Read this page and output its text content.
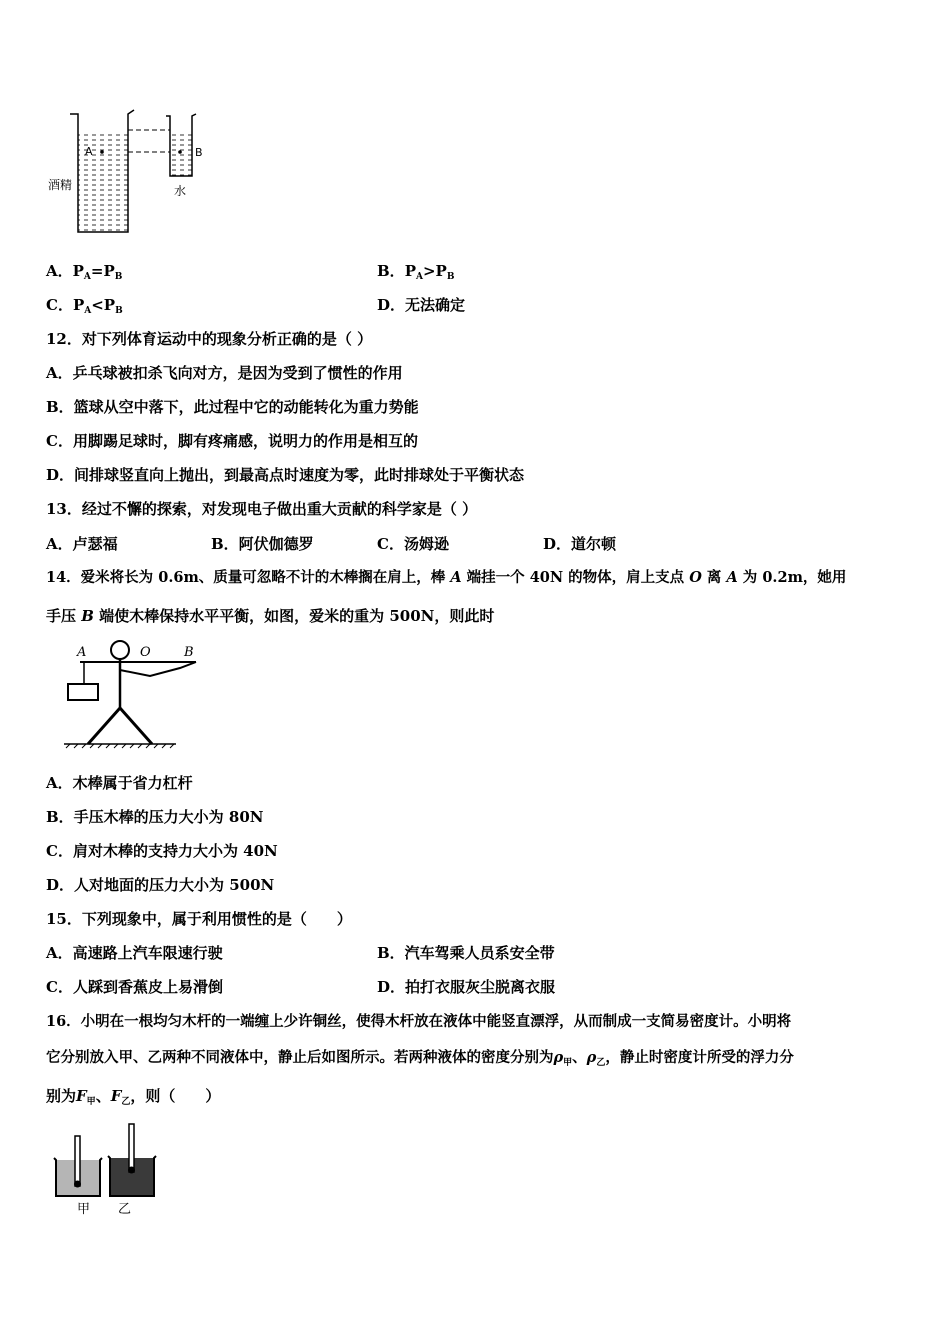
A	B
酒精	水
A．$P_A=P_B$	B．$P_A>P_B$
C．$P_A<P_B$	D．无法确定
12．对下列体育运动中的现象分析正确的是（ ）
A．乒乓球被扣杀飞向对方，是因为受到了惯性的作用
B．篮球从空中落下，此过程中它的动能转化为重力势能
C．用脚踢足球时，脚有疼痛感，说明力的作用是相互的
D．间排球竖直向上抛出，到最高点时速度为零，此时排球处于平衡状态
13．经过不懈的探索，对发现电子做出重大贡献的科学家是（ ）
A．卢瑟福	B．阿伏伽德罗	C．汤姆逊	D．道尔顿
14．爱米将长为 0.6m、质量可忽略不计的木棒搁在肩上，棒 A 端挂一个 40N 的物体，肩上支点 O 离 A 为 0.2m，她用
手压 B 端使木棒保持水平平衡，如图，爱米的重为 500N，则此时
A	O	B
A．木棒属于省力杠杆
B．手压木棒的压力大小为 80N
C．肩对木棒的支持力大小为 40N
D．人对地面的压力大小为 500N
15．下列现象中，属于利用惯性的是（　　）
A．高速路上汽车限速行驶	B．汽车驾乘人员系安全带
C．人踩到香蕉皮上易滑倒	D．拍打衣服灰尘脱离衣服
16．小明在一根均匀木杆的一端缠上少许铜丝，使得木杆放在液体中能竖直漂浮，从而制成一支简易密度计。小明将
它分别放入甲、乙两种不同液体中，静止后如图所示。若两种液体的密度分别为$\rho_甲$、$\rho_乙$，静止时密度计所受的浮力分
别为$F_甲$、$F_乙$，则（　　）
甲 乙
